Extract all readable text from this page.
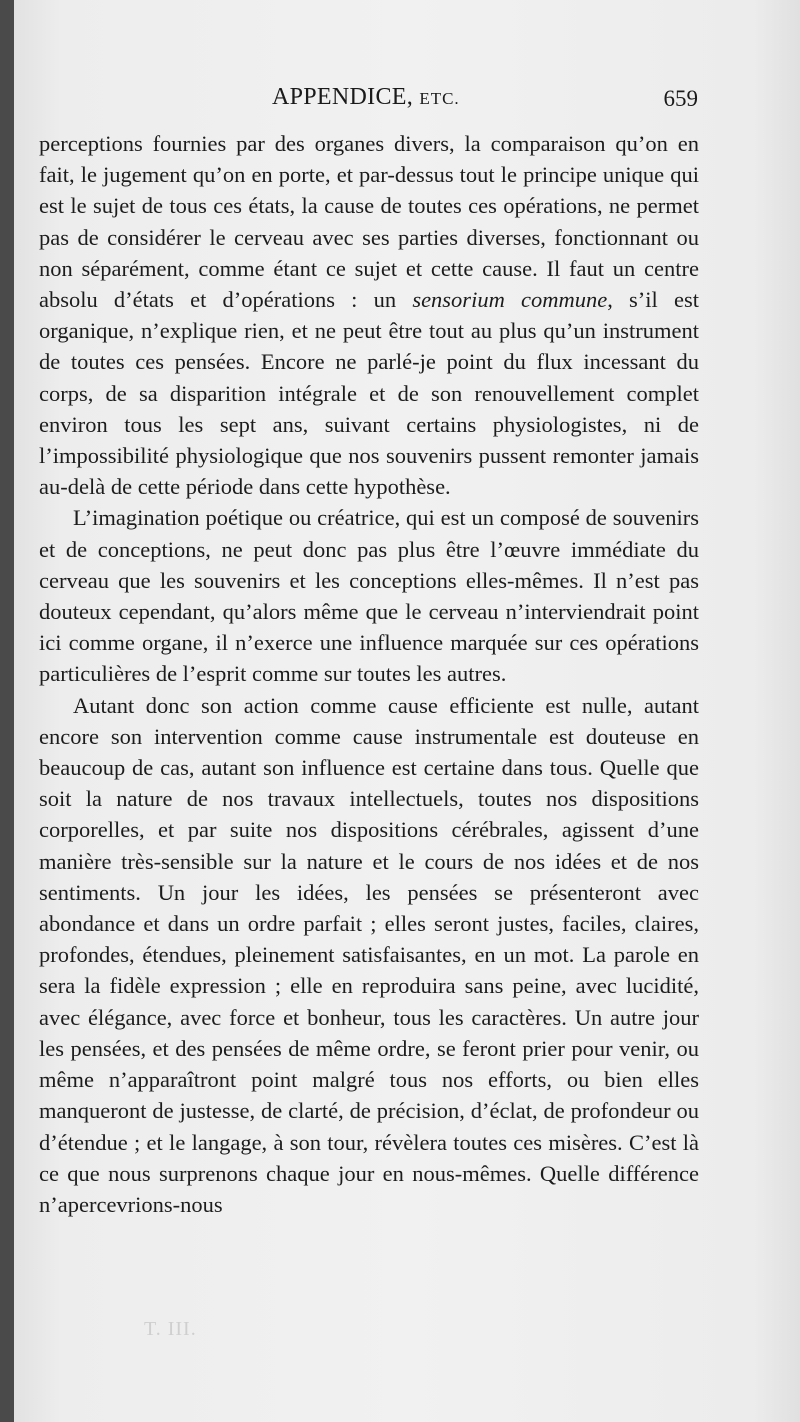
APPENDICE, ETC.	659

perceptions fournies par des organes divers, la comparaison qu’on en fait, le jugement qu’on en porte, et par-dessus tout le principe unique qui est le sujet de tous ces états, la cause de toutes ces opérations, ne permet pas de considérer le cerveau avec ses parties diverses, fonctionnant ou non séparément, comme étant ce sujet et cette cause. Il faut un centre absolu d’états et d’opérations : un sensorium commune, s’il est organique, n’explique rien, et ne peut être tout au plus qu’un instrument de toutes ces pensées. Encore ne parlé-je point du flux incessant du corps, de sa disparition intégrale et de son renouvellement complet environ tous les sept ans, suivant certains physiologistes, ni de l’impossibilité physiologique que nos souvenirs pussent remonter jamais au-delà de cette période dans cette hypothèse.

L’imagination poétique ou créatrice, qui est un composé de souvenirs et de conceptions, ne peut donc pas plus être l’œuvre immédiate du cerveau que les souvenirs et les conceptions elles-mêmes. Il n’est pas douteux cependant, qu’alors même que le cerveau n’interviendrait point ici comme organe, il n’exerce une influence marquée sur ces opérations particulières de l’esprit comme sur toutes les autres.

Autant donc son action comme cause efficiente est nulle, autant encore son intervention comme cause instrumentale est douteuse en beaucoup de cas, autant son influence est certaine dans tous. Quelle que soit la nature de nos travaux intellectuels, toutes nos dispositions corporelles, et par suite nos dispositions cérébrales, agissent d’une manière très-sensible sur la nature et le cours de nos idées et de nos sentiments. Un jour les idées, les pensées se présenteront avec abondance et dans un ordre parfait ; elles seront justes, faciles, claires, profondes, étendues, pleinement satisfaisantes, en un mot. La parole en sera la fidèle expression ; elle en reproduira sans peine, avec lucidité, avec élégance, avec force et bonheur, tous les caractères. Un autre jour les pensées, et des pensées de même ordre, se feront prier pour venir, ou même n’apparaîtront point malgré tous nos efforts, ou bien elles manqueront de justesse, de clarté, de précision, d’éclat, de profondeur ou d’étendue ; et le langage, à son tour, révèlera toutes ces misères. C’est là ce que nous surprenons chaque jour en nous-mêmes. Quelle différence n’apercevrions-nous

T. III.
